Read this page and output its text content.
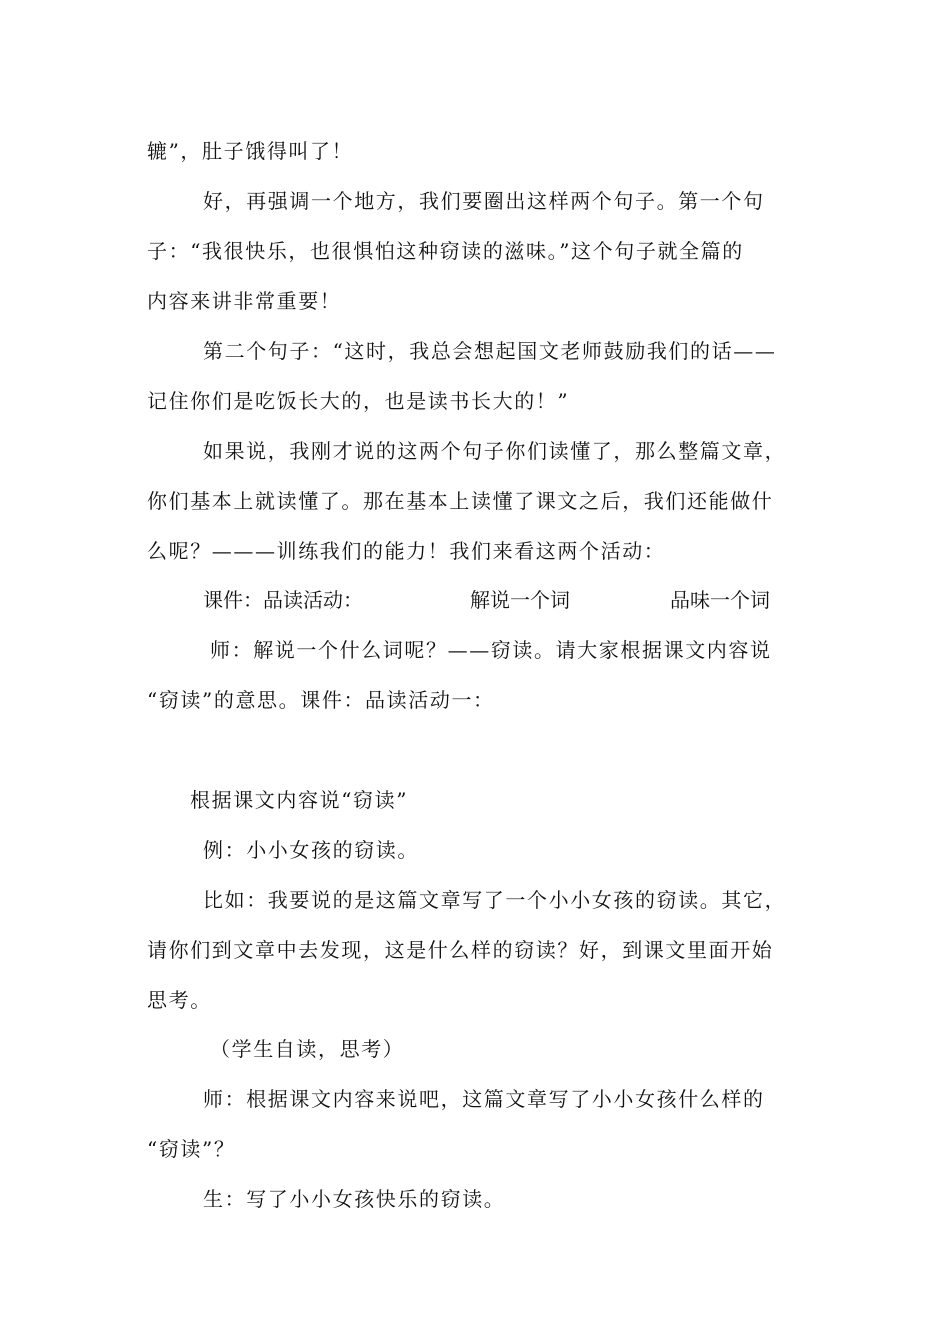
辘”，肚子饿得叫了！
好，再强调一个地方，我们要圈出这样两个句子。第一个句
子：“我很快乐，也很惧怕这种窃读的滋味。”这个句子就全篇的
内容来讲非常重要！
第二个句子：“这时，我总会想起国文老师鼓励我们的话——
记住你们是吃饭长大的，也是读书长大的！”
如果说，我刚才说的这两个句子你们读懂了，那么整篇文章，
你们基本上就读懂了。那在基本上读懂了课文之后，我们还能做什
么呢？———训练我们的能力！我们来看这两个活动：
课件：品读活动：	解说一个词	品味一个词
师：解说一个什么词呢？——窃读。请大家根据课文内容说
“窃读”的意思。课件：品读活动一：
根据课文内容说“窃读”
例：小小女孩的窃读。
比如：我要说的是这篇文章写了一个小小女孩的窃读。其它，
请你们到文章中去发现，这是什么样的窃读？好，到课文里面开始
思考。
（学生自读，思考）
师：根据课文内容来说吧，这篇文章写了小小女孩什么样的
“窃读”？
生：写了小小女孩快乐的窃读。
